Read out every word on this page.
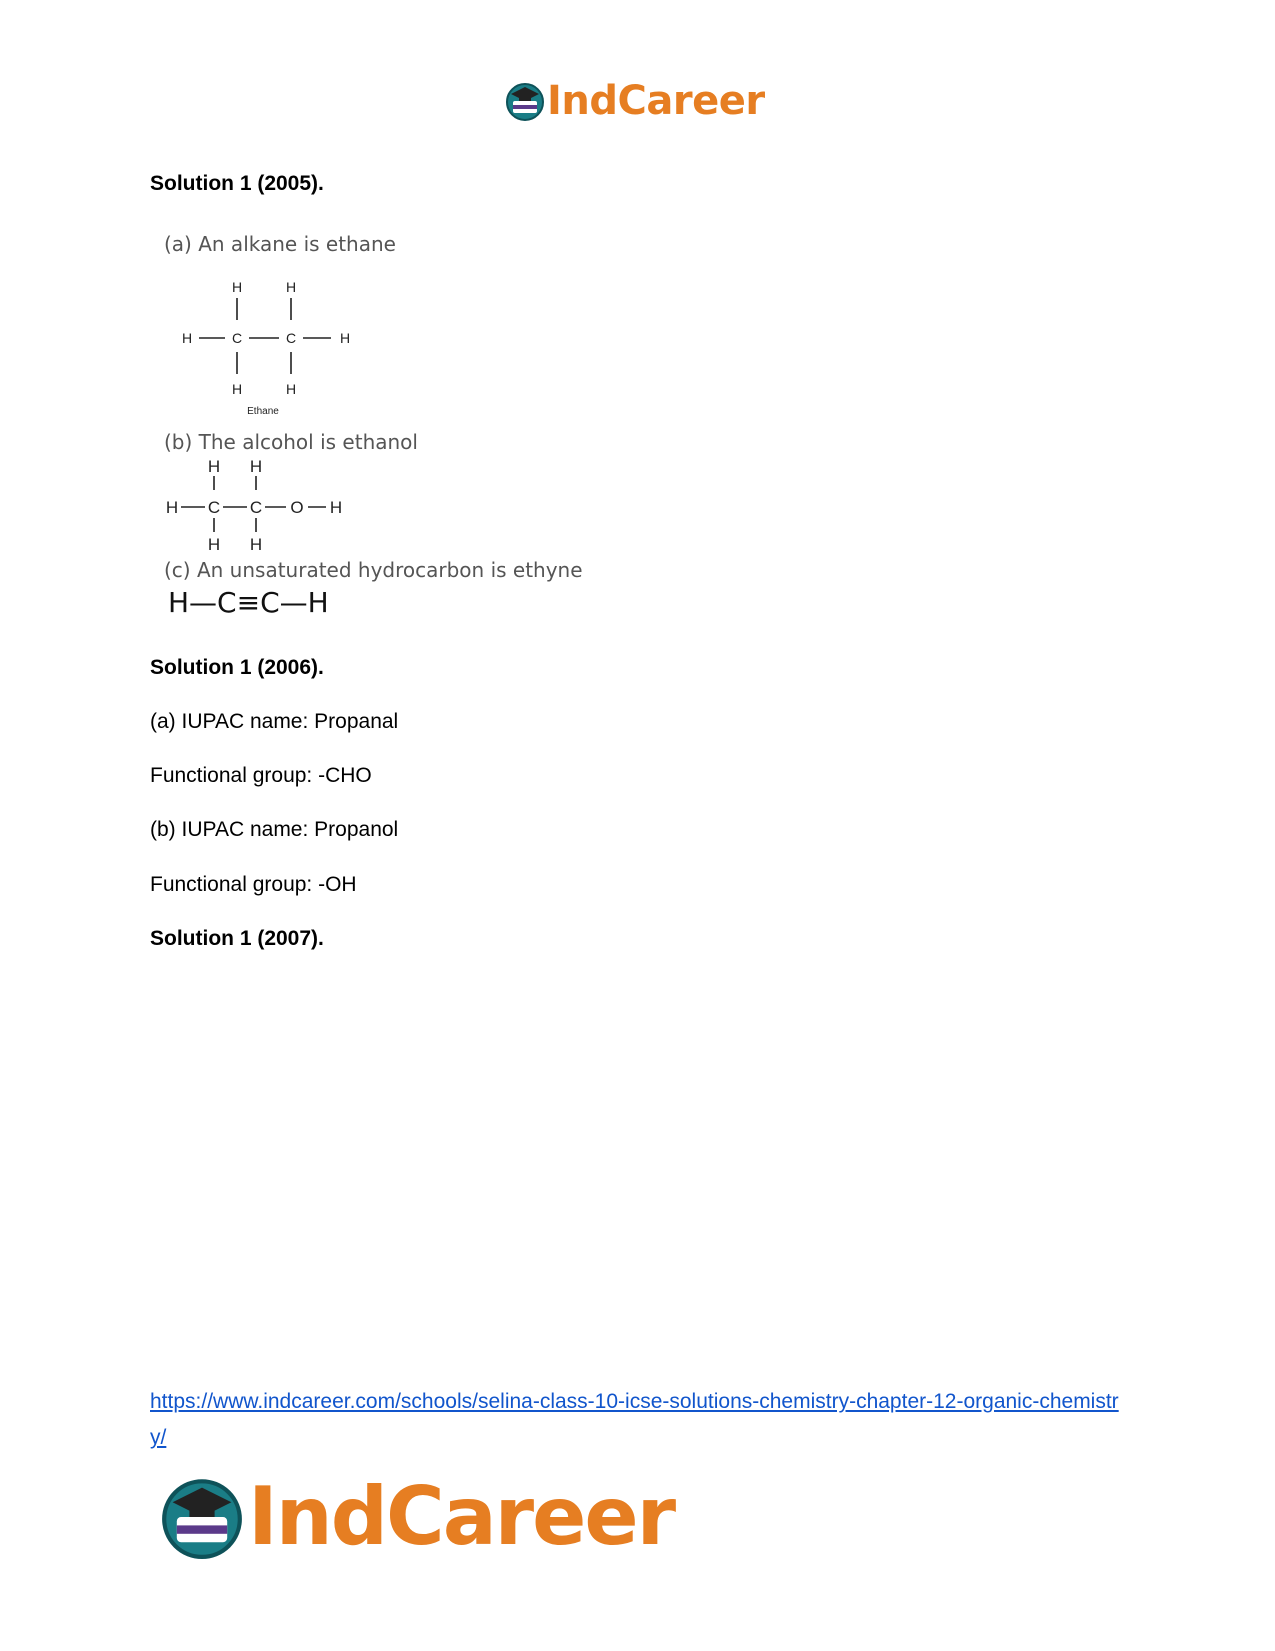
IndCareer
Solution 1 (2005).
(a) An alkane is ethane
H	H
H	C	C	H
H	H
Ethane
(b) The alcohol is ethanol
H H
H C C O H
H H
(c) An unsaturated hydrocarbon is ethyne
H—C≡C—H
Solution 1 (2006).
(a) IUPAC name: Propanal
Functional group: -CHO
(b) IUPAC name: Propanol
Functional group: -OH
Solution 1 (2007).
https://www.indcareer.com/schools/selina-class-10-icse-solutions-chemistry-chapter-12-organic-chemistry/
IndCareer
